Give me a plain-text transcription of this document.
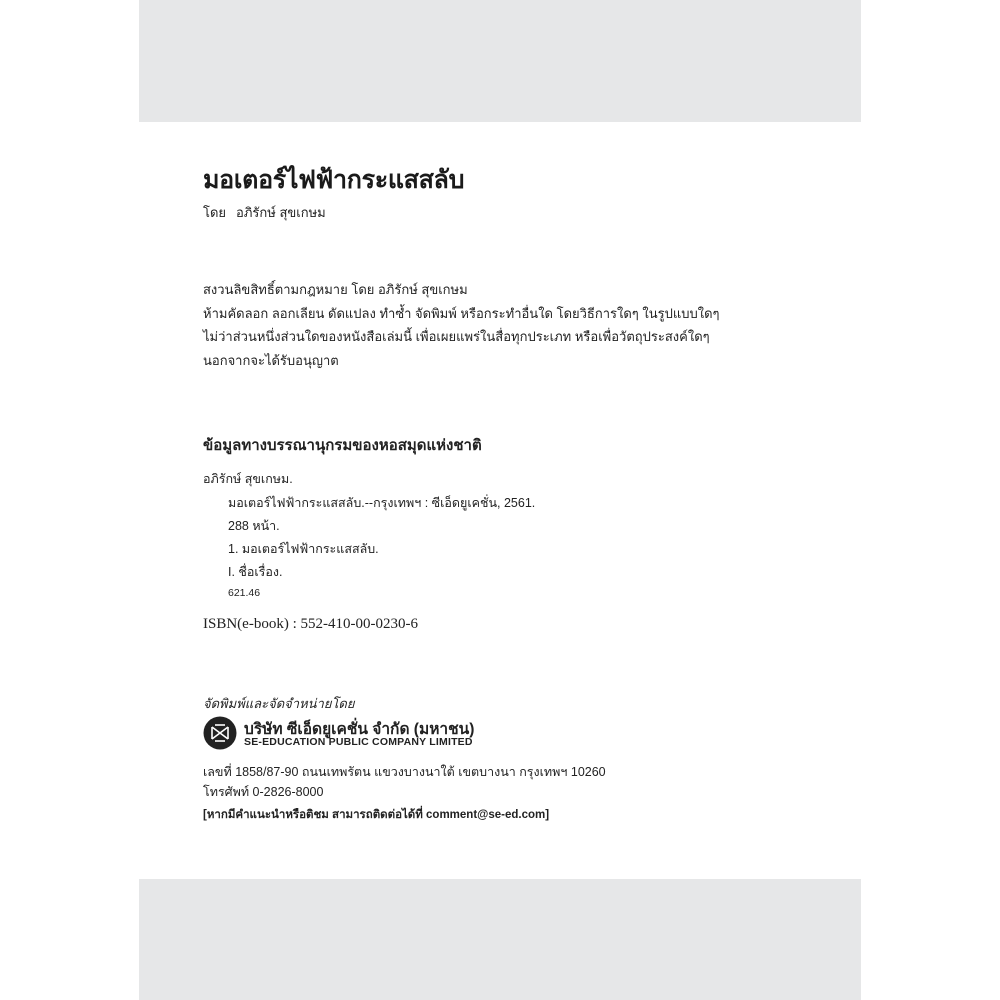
มอเตอร์ไฟฟ้ากระแสสลับ
โดย อภิรักษ์ สุขเกษม
สงวนลิขสิทธิ์ตามกฎหมาย โดย อภิรักษ์ สุขเกษม
ห้ามคัดลอก ลอกเลียน ดัดแปลง ทำซ้ำ จัดพิมพ์ หรือกระทำอื่นใด โดยวิธีการใดๆ ในรูปแบบใดๆ
ไม่ว่าส่วนหนึ่งส่วนใดของหนังสือเล่มนี้ เพื่อเผยแพร่ในสื่อทุกประเภท หรือเพื่อวัตถุประสงค์ใดๆ
นอกจากจะได้รับอนุญาต
ข้อมูลทางบรรณานุกรมของหอสมุดแห่งชาติ
อภิรักษ์ สุขเกษม.
มอเตอร์ไฟฟ้ากระแสสลับ.--กรุงเทพฯ : ซีเอ็ดยูเคชั่น, 2561.
288 หน้า.
1. มอเตอร์ไฟฟ้ากระแสสลับ.
I. ชื่อเรื่อง.
621.46
ISBN(e-book) : 552-410-00-0230-6
จัดพิมพ์และจัดจำหน่ายโดย
บริษัท ซีเอ็ดยูเคชั่น จำกัด (มหาชน)
SE-EDUCATION PUBLIC COMPANY LIMITED
เลขที่ 1858/87-90 ถนนเทพรัตน แขวงบางนาใต้ เขตบางนา กรุงเทพฯ 10260
โทรศัพท์ 0-2826-8000
[หากมีคำแนะนำหรือติชม สามารถติดต่อได้ที่ comment@se-ed.com]
